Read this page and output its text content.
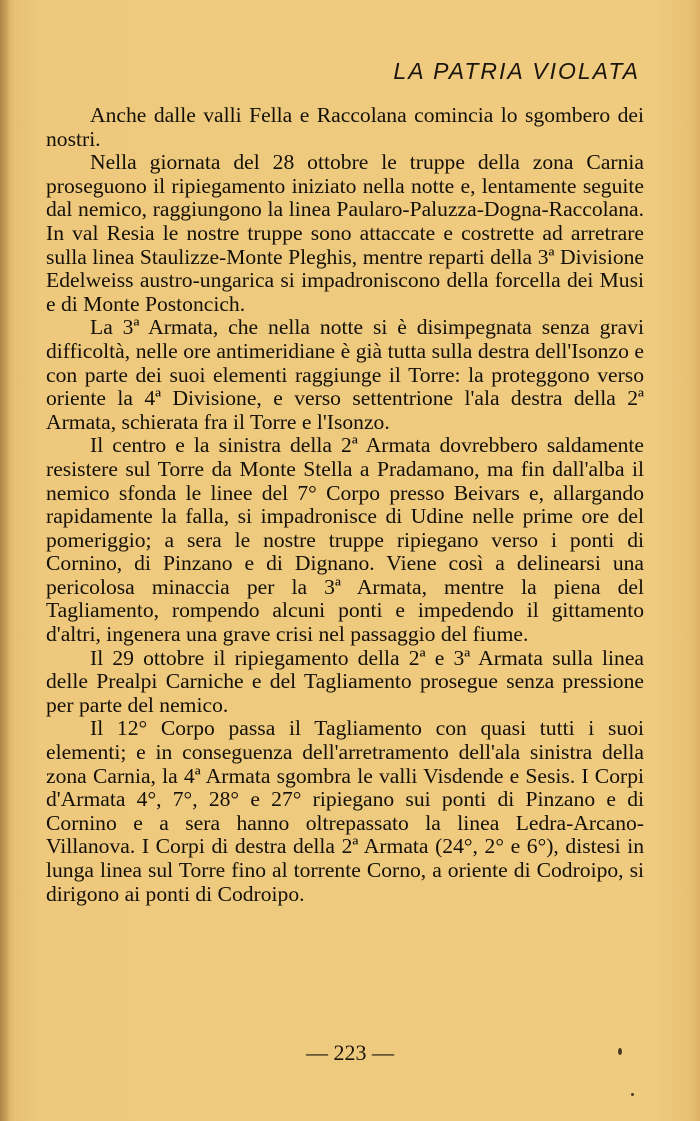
LA PATRIA VIOLATA

Anche dalle valli Fella e Raccolana comincia lo sgombero dei nostri.

Nella giornata del 28 ottobre le truppe della zona Carnia proseguono il ripiegamento iniziato nella notte e, lentamente seguite dal nemico, raggiungono la linea Paularo-Paluzza-Dogna-Raccolana. In val Resia le nostre truppe sono attaccate e costrette ad arretrare sulla linea Staulizze-Monte Pleghis, mentre reparti della 3ª Divisione Edelweiss austro-ungarica si impadroniscono della forcella dei Musi e di Monte Postoncich.

La 3ª Armata, che nella notte si è disimpegnata senza gravi difficoltà, nelle ore antimeridiane è già tutta sulla destra dell'Isonzo e con parte dei suoi elementi raggiunge il Torre: la proteggono verso oriente la 4ª Divisione, e verso settentrione l'ala destra della 2ª Armata, schierata fra il Torre e l'Isonzo.

Il centro e la sinistra della 2ª Armata dovrebbero saldamente resistere sul Torre da Monte Stella a Pradamano, ma fin dall'alba il nemico sfonda le linee del 7° Corpo presso Beivars e, allargando rapidamente la falla, si impadronisce di Udine nelle prime ore del pomeriggio; a sera le nostre truppe ripiegano verso i ponti di Cornino, di Pinzano e di Dignano. Viene così a delinearsi una pericolosa minaccia per la 3ª Armata, mentre la piena del Tagliamento, rompendo alcuni ponti e impedendo il gittamento d'altri, ingenera una grave crisi nel passaggio del fiume.

Il 29 ottobre il ripiegamento della 2ª e 3ª Armata sulla linea delle Prealpi Carniche e del Tagliamento prosegue senza pressione per parte del nemico.

Il 12° Corpo passa il Tagliamento con quasi tutti i suoi elementi; e in conseguenza dell'arretramento dell'ala sinistra della zona Carnia, la 4ª Armata sgombra le valli Visdende e Sesis. I Corpi d'Armata 4°, 7°, 28° e 27° ripiegano sui ponti di Pinzano e di Cornino e a sera hanno oltrepassato la linea Ledra-Arcano-Villanova. I Corpi di destra della 2ª Armata (24°, 2° e 6°), distesi in lunga linea sul Torre fino al torrente Corno, a oriente di Codroipo, si dirigono ai ponti di Codroipo.

— 223 —
